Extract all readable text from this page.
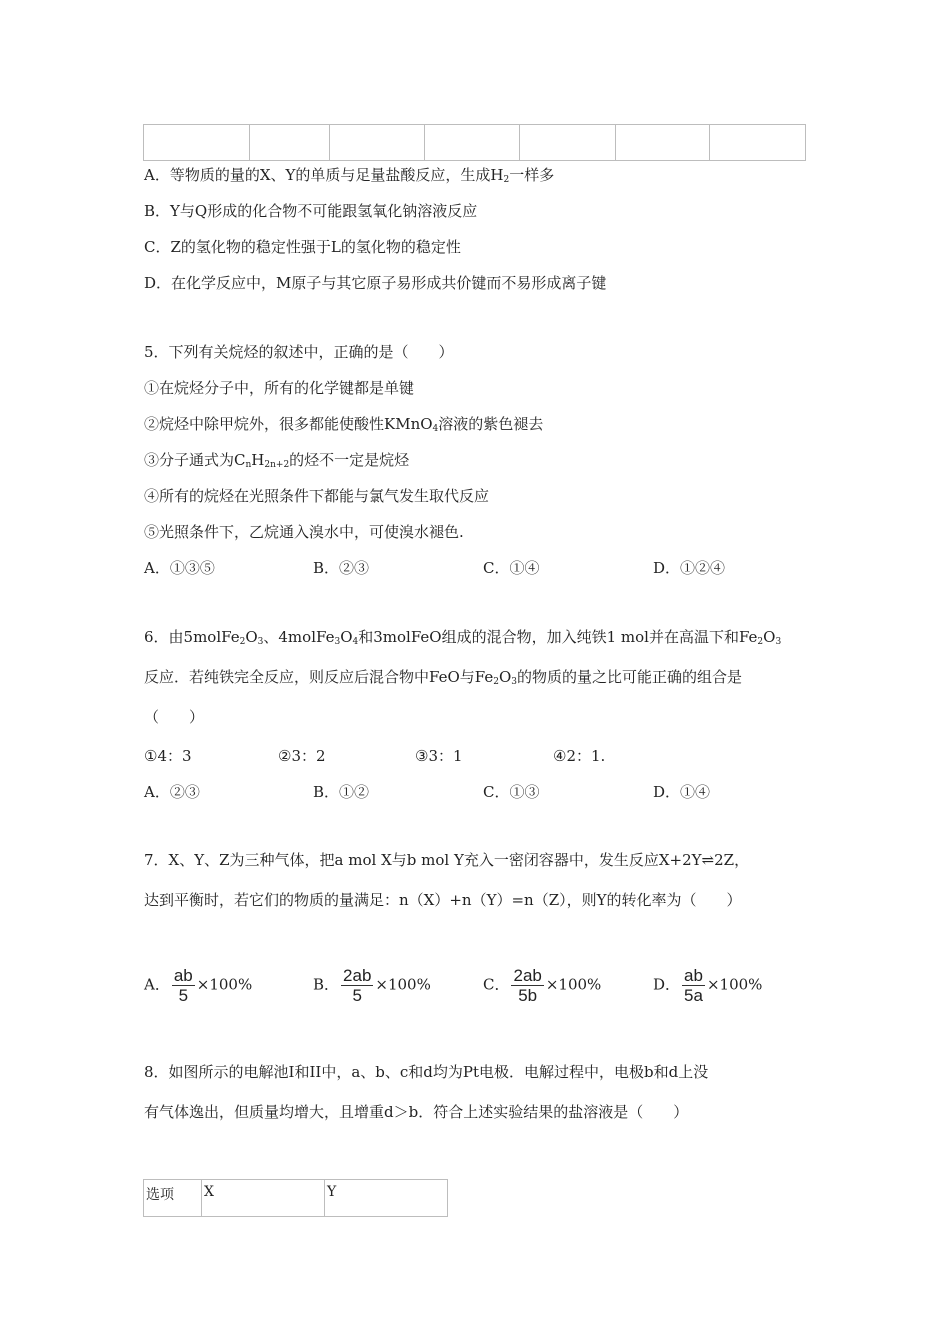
A．等物质的量的X、Y的单质与足量盐酸反应，生成$H_2$一样多
B．Y与Q形成的化合物不可能跟氢氧化钠溶液反应
C．Z的氢化物的稳定性强于L的氢化物的稳定性
D．在化学反应中，M原子与其它原子易形成共价键而不易形成离子键
5．下列有关烷烃的叙述中，正确的是（　　）
①在烷烃分子中，所有的化学键都是单键
②烷烃中除甲烷外，很多都能使酸性KMnO$_4$溶液的紫色褪去
③分子通式为$C_nH_{2n+2}$的烃不一定是烷烃
④所有的烷烃在光照条件下都能与氯气发生取代反应
⑤光照条件下，乙烷通入溴水中，可使溴水褪色.
A．①③⑤	B．②③	C．①④	D．①②④
6．由$5molFe_2O_3$、$4molFe_3O_4$和3molFeO组成的混合物，加入纯铁1 mol并在高温下和$Fe_2O_3$
反应．若纯铁完全反应，则反应后混合物中FeO与$Fe_2O_3$的物质的量之比可能正确的组合是
（　　）
①4：3	②3：2	③3：1	④2：1.
A．②③	B．①②	C．①③	D．①④
7．X、Y、Z为三种气体，把a mol X与b mol Y充入一密闭容器中，发生反应X+2Y⇌2Z，
达到平衡时，若它们的物质的量满足：n（X）+n（Y）=n（Z），则Y的转化率为（　　）
A． $\frac{ab}{5} \times 100\%$	B． $\frac{2ab}{5} \times 100\%$	C． $\frac{2ab}{5b} \times 100\%$	D． $\frac{ab}{5a} \times 100\%$
8．如图所示的电解池I和II中，a、b、c和d均为Pt电极．电解过程中，电极b和d上没
有气体逸出，但质量均增大，且增重d＞b．符合上述实验结果的盐溶液是（　　）
选项	X	Y
